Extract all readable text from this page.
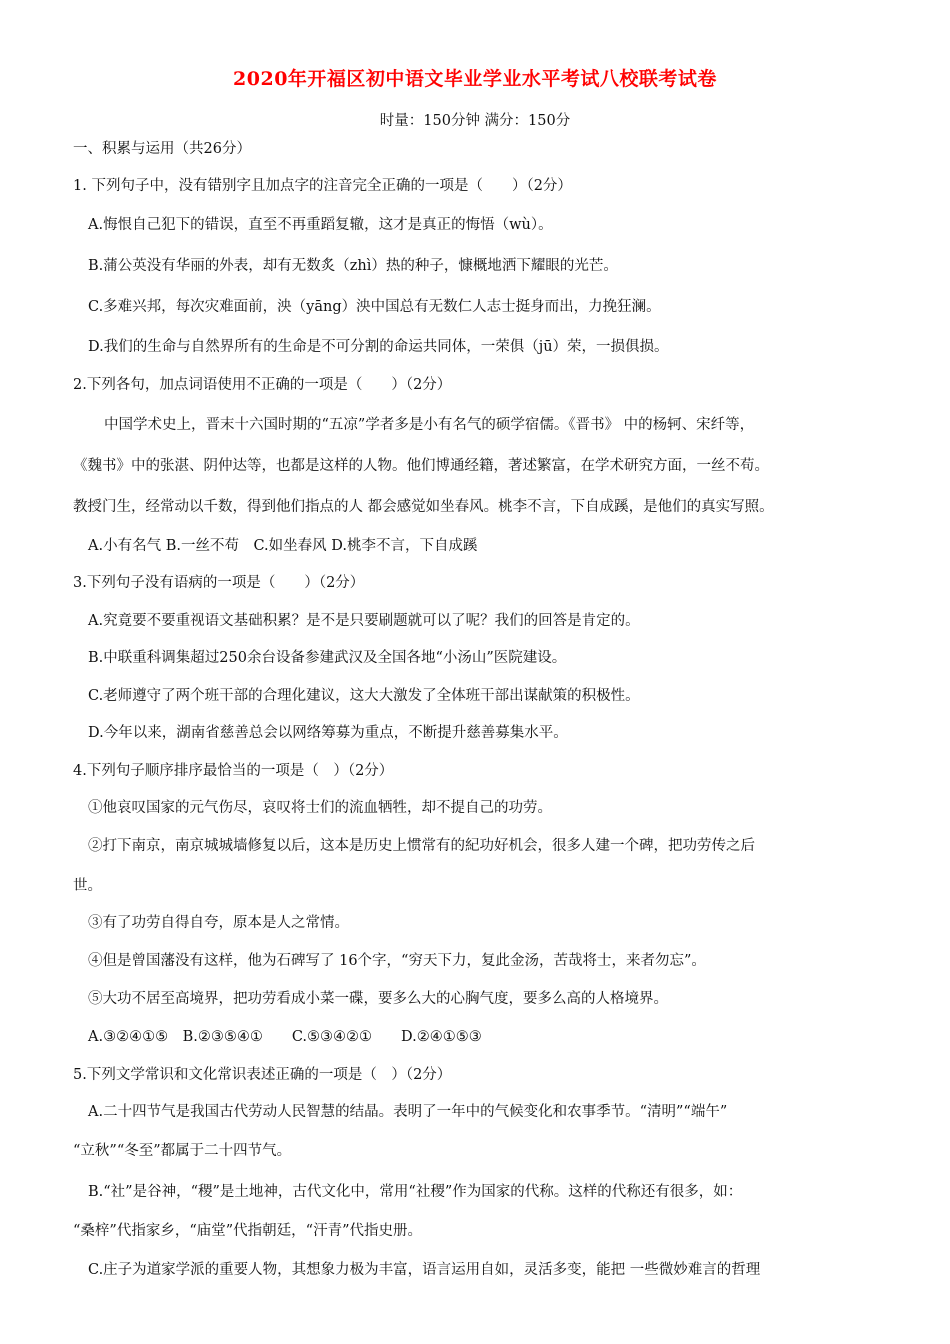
2020年开福区初中语文毕业学业水平考试八校联考试卷
时量：150分钟 满分：150分
一、积累与运用（共26分）
1. 下列句子中，没有错别字且加点字的注音完全正确的一项是（　　）（2分）
A.悔恨自己犯下的错误，直至不再重蹈复辙，这才是真正的悔悟（wù）。
B.蒲公英没有华丽的外表，却有无数炙（zhì）热的种子，慷概地洒下耀眼的光芒。
C.多难兴邦，每次灾难面前，泱（yāng）泱中国总有无数仁人志士挺身而出，力挽狂澜。
D.我们的生命与自然界所有的生命是不可分割的命运共同体，一荣俱（jū）荣，一损俱损。
2.下列各句，加点词语使用不正确的一项是（　　）（2分）
中国学术史上，晋末十六国时期的“五凉”学者多是小有名气的硕学宿儒。《晋书》 中的杨轲、宋纤等，
《魏书》中的张湛、阴仲达等，也都是这样的人物。他们博通经籍，著述繁富，在学术研究方面，一丝不苟。
教授门生，经常动以千数，得到他们指点的人 都会感觉如坐春风。桃李不言，下自成蹊，是他们的真实写照。
A.小有名气 B.一丝不苟　C.如坐春风 D.桃李不言，下自成蹊
3.下列句子没有语病的一项是（　　）（2分）
A.究竟要不要重视语文基础积累？是不是只要刷题就可以了呢？我们的回答是肯定的。
B.中联重科调集超过250余台设备参建武汉及全国各地“小汤山”医院建设。
C.老师遵守了两个班干部的合理化建议，这大大激发了全体班干部出谋献策的积极性。
D.今年以来，湖南省慈善总会以网络筹募为重点，不断提升慈善募集水平。
4.下列句子顺序排序最恰当的一项是（　）（2分）
①他哀叹国家的元气伤尽，哀叹将士们的流血牺牲，却不提自己的功劳。
②打下南京，南京城城墙修复以后，这本是历史上惯常有的紀功好机会，很多人建一个碑，把功劳传之后
世。
③有了功劳自得自夸，原本是人之常情。
④但是曾国藩没有这样，他为石碑写了 16个字，“穷天下力，复此金汤，苦哉将士，来者勿忘”。
⑤大功不居至高境界，把功劳看成小菜一碟，要多么大的心胸气度，要多么高的人格境界。
A.③②④①⑤　B.②③⑤④①　　C.⑤③④②①　　D.②④①⑤③
5.下列文学常识和文化常识表述正确的一项是（　）（2分）
A.二十四节气是我国古代劳动人民智慧的结晶。表明了一年中的气候变化和农事季节。“清明”“端午”
“立秋”“冬至”都属于二十四节气。
B.“社”是谷神，“稷”是土地神，古代文化中，常用“社稷”作为国家的代称。这样的代称还有很多，如：
“桑梓”代指家乡，“庙堂”代指朝廷，“汗青”代指史册。
C.庄子为道家学派的重要人物，其想象力极为丰富，语言运用自如，灵活多变，能把 一些微妙难言的哲理
